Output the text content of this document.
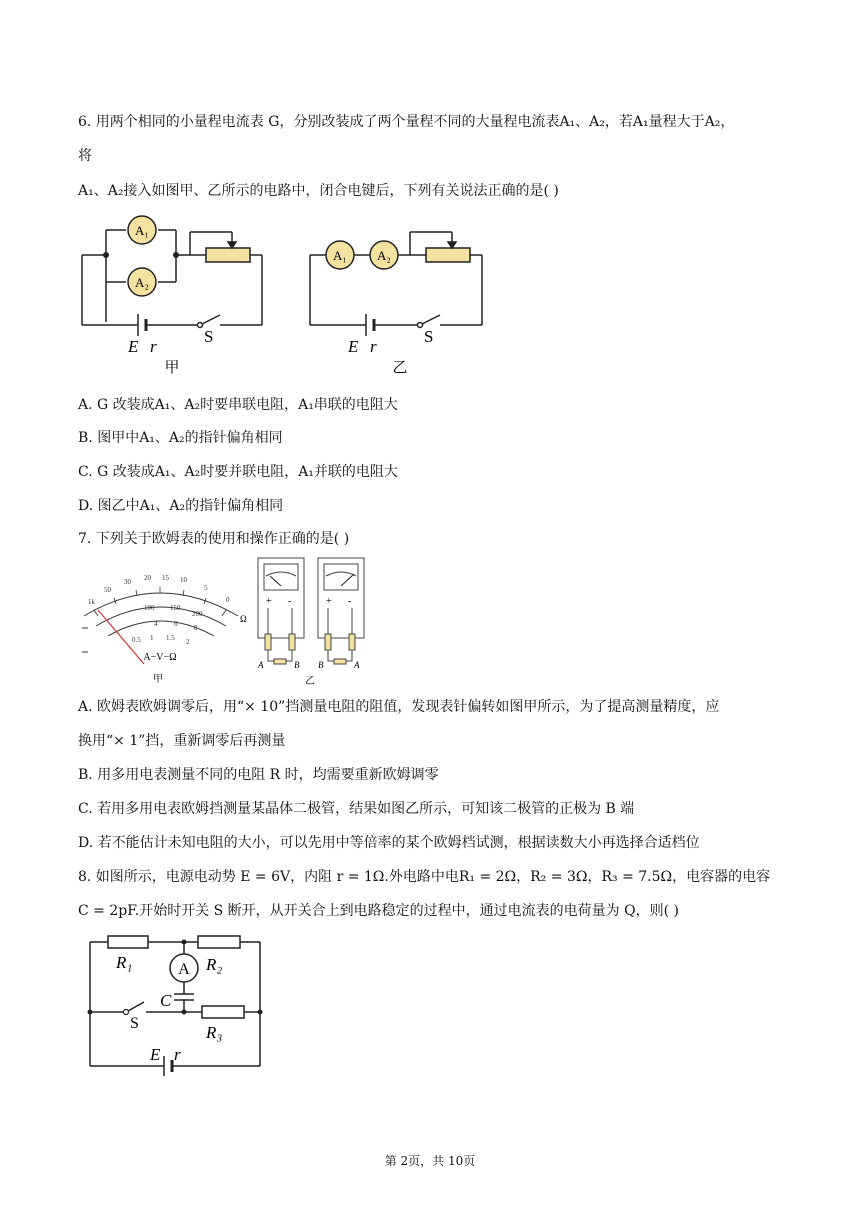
6. 用两个相同的小量程电流表 G，分别改装成了两个量程不同的大量程电流表A₁、A₂，若A₁量程大于A₂，
将
A₁、A₂接入如图甲、乙所示的电路中，闭合电键后，下列有关说法正确的是( )
A₁
A₂
E r
S
甲
A₁ A₂
E r
S
乙
A. G 改装成A₁、A₂时要串联电阻，A₁串联的电阻大
B. 图甲中A₁、A₂的指针偏角相同
C. G 改装成A₁、A₂时要并联电阻，A₁并联的电阻大
D. 图乙中A₁、A₂的指针偏角相同
7. 下列关于欧姆表的使用和操作正确的是( )
1k
50
30 20 15 10
5
0
100 150
200
4 6 8
0.5 1 1.5 2
Ω
A−V−Ω
甲
+ -	+ -
A	B B	A
乙
A. 欧姆表欧姆调零后，用“× 10”挡测量电阻的阻值，发现表针偏转如图甲所示，为了提高测量精度，应
换用“× 1”挡，重新调零后再测量
B. 用多用电表测量不同的电阻 R 时，均需要重新欧姆调零
C. 若用多用电表欧姆挡测量某晶体二极管，结果如图乙所示，可知该二极管的正极为 B 端
D. 若不能估计未知电阻的大小，可以先用中等倍率的某个欧姆档试测，根据读数大小再选择合适档位
8. 如图所示，电源电动势 E = 6V，内阻 r = 1Ω.外电路中电R₁ = 2Ω，R₂ = 3Ω，R₃ = 7.5Ω，电容器的电容
C = 2pF.开始时开关 S 断开，从开关合上到电路稳定的过程中，通过电流表的电荷量为 Q，则( )
A
R₁	R₂
C
S	R₃
E r
第 2页，共 10页
